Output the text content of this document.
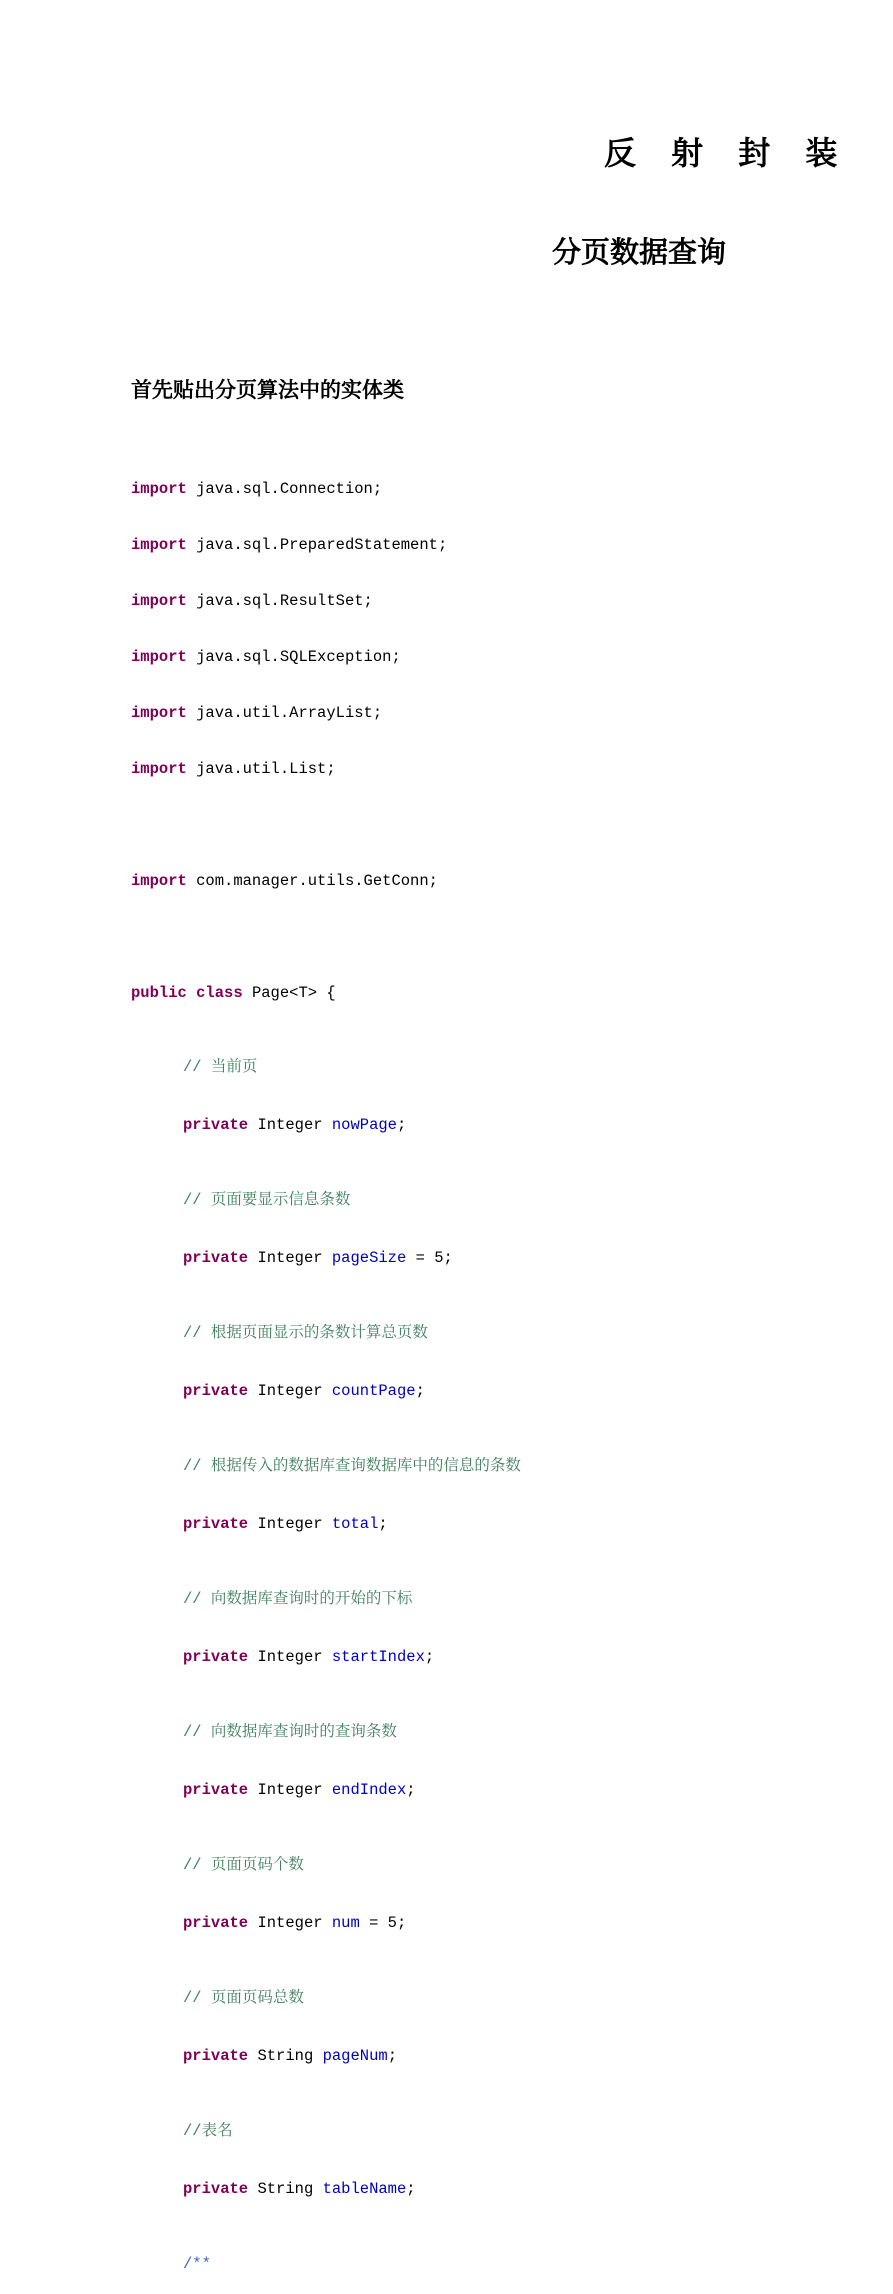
反 射 封 装
分页数据查询
首先贴出分页算法中的实体类

import java.sql.Connection;

import java.sql.PreparedStatement;

import java.sql.ResultSet;

import java.sql.SQLException;

import java.util.ArrayList;

import java.util.List;

import com.manager.utils.GetConn;

public class Page<T> {

// 当前页

private Integer nowPage;

// 页面要显示信息条数

private Integer pageSize = 5;

// 根据页面显示的条数计算总页数

private Integer countPage;

// 根据传入的数据库查询数据库中的信息的条数

private Integer total;

// 向数据库查询时的开始的下标

private Integer startIndex;

// 向数据库查询时的查询条数

private Integer endIndex;

// 页面页码个数

private Integer num = 5;

// 页面页码总数

private String pageNum;

//表名

private String tableName;

/**
